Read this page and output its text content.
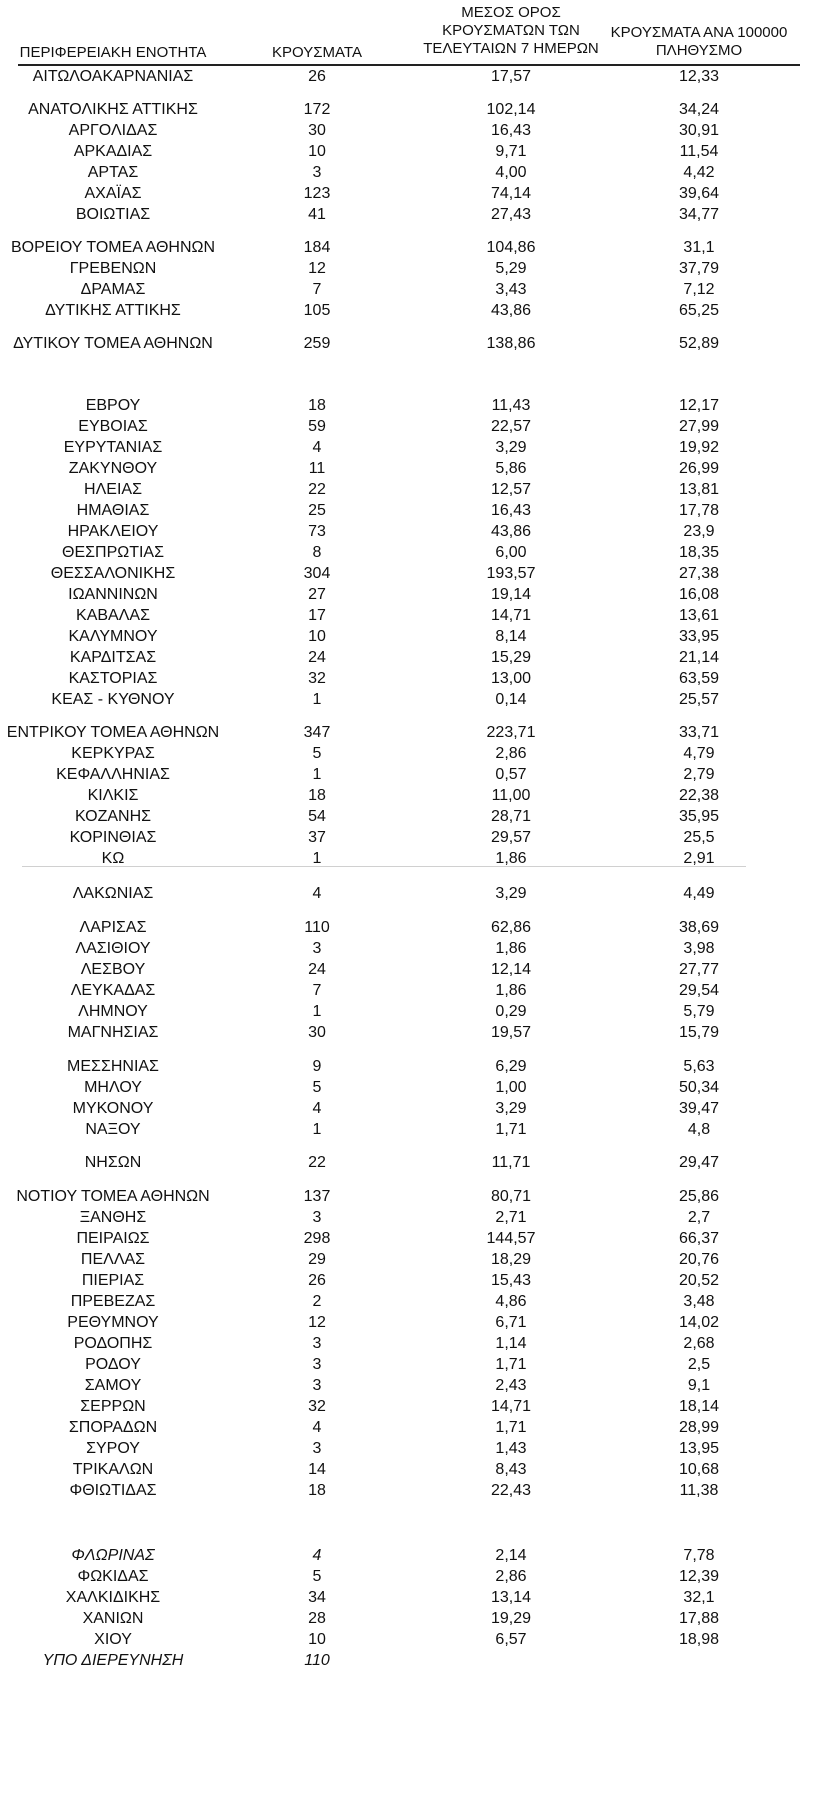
ΠΕΡΙΦΕΡΕΙΑΚΗ ΕΝΟΤΗΤΑ	ΚΡΟΥΣΜΑΤΑ
ΜΕΣΟΣ ΟΡΟΣ
ΚΡΟΥΣΜΑΤΩΝ ΤΩΝ
ΤΕΛΕΥΤΑΙΩΝ 7 ΗΜΕΡΩΝ
ΚΡΟΥΣΜΑΤΑ ΑΝΑ 100000
ΠΛΗΘΥΣΜΟ
ΑΙΤΩΛΟΑΚΑΡΝΑΝΙΑΣ	26	17,57	12,33
ΑΝΑΤΟΛΙΚΗΣ ΑΤΤΙΚΗΣ	172	102,14	34,24
ΑΡΓΟΛΙΔΑΣ	30	16,43	30,91
ΑΡΚΑΔΙΑΣ	10	9,71	11,54
ΑΡΤΑΣ	3	4,00	4,42
ΑΧΑΪΑΣ	123	74,14	39,64
ΒΟΙΩΤΙΑΣ	41	27,43	34,77
ΒΟΡΕΙΟΥ ΤΟΜΕΑ ΑΘΗΝΩΝ	184	104,86	31,1
ΓΡΕΒΕΝΩΝ	12	5,29	37,79
ΔΡΑΜΑΣ	7	3,43	7,12
ΔΥΤΙΚΗΣ ΑΤΤΙΚΗΣ	105	43,86	65,25
ΔΥΤΙΚΟΥ ΤΟΜΕΑ ΑΘΗΝΩΝ	259	138,86	52,89
ΕΒΡΟΥ	18	11,43	12,17
ΕΥΒΟΙΑΣ	59	22,57	27,99
ΕΥΡΥΤΑΝΙΑΣ	4	3,29	19,92
ΖΑΚΥΝΘΟΥ	11	5,86	26,99
ΗΛΕΙΑΣ	22	12,57	13,81
ΗΜΑΘΙΑΣ	25	16,43	17,78
ΗΡΑΚΛΕΙΟΥ	73	43,86	23,9
ΘΕΣΠΡΩΤΙΑΣ	8	6,00	18,35
ΘΕΣΣΑΛΟΝΙΚΗΣ	304	193,57	27,38
ΙΩΑΝΝΙΝΩΝ	27	19,14	16,08
ΚΑΒΑΛΑΣ	17	14,71	13,61
ΚΑΛΥΜΝΟΥ	10	8,14	33,95
ΚΑΡΔΙΤΣΑΣ	24	15,29	21,14
ΚΑΣΤΟΡΙΑΣ	32	13,00	63,59
ΚΕΑΣ - ΚΥΘΝΟΥ	1	0,14	25,57
ΕΝΤΡΙΚΟΥ ΤΟΜΕΑ ΑΘΗΝΩΝ	347	223,71	33,71
ΚΕΡΚΥΡΑΣ	5	2,86	4,79
ΚΕΦΑΛΛΗΝΙΑΣ	1	0,57	2,79
ΚΙΛΚΙΣ	18	11,00	22,38
ΚΟΖΑΝΗΣ	54	28,71	35,95
ΚΟΡΙΝΘΙΑΣ	37	29,57	25,5
ΚΩ	1	1,86	2,91
ΛΑΚΩΝΙΑΣ	4	3,29	4,49
ΛΑΡΙΣΑΣ	110	62,86	38,69
ΛΑΣΙΘΙΟΥ	3	1,86	3,98
ΛΕΣΒΟΥ	24	12,14	27,77
ΛΕΥΚΑΔΑΣ	7	1,86	29,54
ΛΗΜΝΟΥ	1	0,29	5,79
ΜΑΓΝΗΣΙΑΣ	30	19,57	15,79
ΜΕΣΣΗΝΙΑΣ	9	6,29	5,63
ΜΗΛΟΥ	5	1,00	50,34
ΜΥΚΟΝΟΥ	4	3,29	39,47
ΝΑΞΟΥ	1	1,71	4,8
ΝΗΣΩΝ	22	11,71	29,47
ΝΟΤΙΟΥ ΤΟΜΕΑ ΑΘΗΝΩΝ	137	80,71	25,86
ΞΑΝΘΗΣ	3	2,71	2,7
ΠΕΙΡΑΙΩΣ	298	144,57	66,37
ΠΕΛΛΑΣ	29	18,29	20,76
ΠΙΕΡΙΑΣ	26	15,43	20,52
ΠΡΕΒΕΖΑΣ	2	4,86	3,48
ΡΕΘΥΜΝΟΥ	12	6,71	14,02
ΡΟΔΟΠΗΣ	3	1,14	2,68
ΡΟΔΟΥ	3	1,71	2,5
ΣΑΜΟΥ	3	2,43	9,1
ΣΕΡΡΩΝ	32	14,71	18,14
ΣΠΟΡΑΔΩΝ	4	1,71	28,99
ΣΥΡΟΥ	3	1,43	13,95
ΤΡΙΚΑΛΩΝ	14	8,43	10,68
ΦΘΙΩΤΙΔΑΣ	18	22,43	11,38
ΦΛΩΡΙΝΑΣ	4	2,14	7,78
ΦΩΚΙΔΑΣ	5	2,86	12,39
ΧΑΛΚΙΔΙΚΗΣ	34	13,14	32,1
ΧΑΝΙΩΝ	28	19,29	17,88
ΧΙΟΥ	10	6,57	18,98
ΥΠΟ ΔΙΕΡΕΥΝΗΣΗ	110
